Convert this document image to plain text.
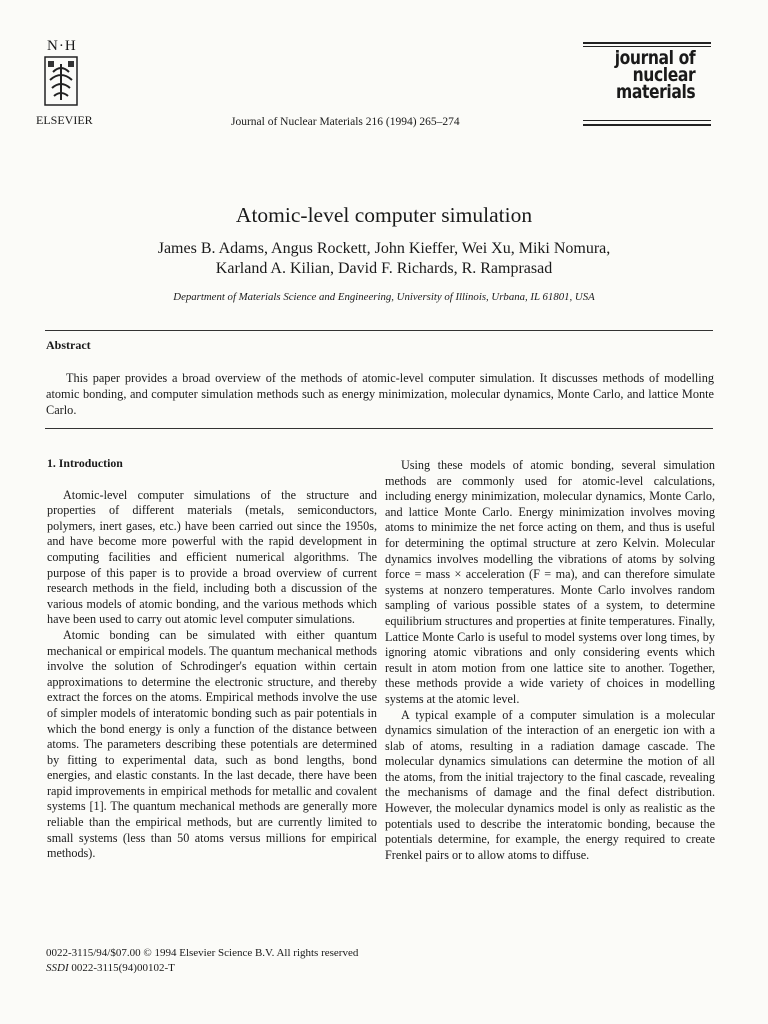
N·H
ELSEVIER	Journal of Nuclear Materials 216 (1994) 265–274
journal of
nuclear
materials
Atomic-level computer simulation
James B. Adams, Angus Rockett, John Kieffer, Wei Xu, Miki Nomura,
Karland A. Kilian, David F. Richards, R. Ramprasad
Department of Materials Science and Engineering, University of Illinois, Urbana, IL 61801, USA
Abstract

This paper provides a broad overview of the methods of atomic-level computer simulation. It discusses methods of modelling atomic bonding, and computer simulation methods such as energy minimization, molecular dynamics, Monte Carlo, and lattice Monte Carlo.

1. Introduction

Atomic-level computer simulations of the structure and properties of different materials (metals, semiconductors, polymers, inert gases, etc.) have been carried out since the 1950s, and have become more powerful with the rapid development in computing facilities and efficient numerical algorithms. The purpose of this paper is to provide a broad overview of current research methods in the field, including both a discussion of the various models of atomic bonding, and the various methods which have been used to carry out atomic level computer simulations.

Atomic bonding can be simulated with either quantum mechanical or empirical models. The quantum mechanical methods involve the solution of Schrodinger's equation within certain approximations to determine the electronic structure, and thereby extract the forces on the atoms. Empirical methods involve the use of simpler models of interatomic bonding such as pair potentials in which the bond energy is only a function of the distance between atoms. The parameters describing these potentials are determined by fitting to experimental data, such as bond lengths, bond energies, and elastic constants. In the last decade, there have been rapid improvements in empirical methods for metallic and covalent systems [1]. The quantum mechanical methods are generally more reliable than the empirical methods, but are currently limited to small systems (less than 50 atoms versus millions for empirical methods).

Using these models of atomic bonding, several simulation methods are commonly used for atomic-level calculations, including energy minimization, molecular dynamics, Monte Carlo, and lattice Monte Carlo. Energy minimization involves moving atoms to minimize the net force acting on them, and thus is useful for determining the optimal structure at zero Kelvin. Molecular dynamics involves modelling the vibrations of atoms by solving force = mass × acceleration (F = ma), and can therefore simulate systems at nonzero temperatures. Monte Carlo involves random sampling of various possible states of a system, to determine equilibrium structures and properties at finite temperatures. Finally, Lattice Monte Carlo is useful to model systems over long times, by ignoring atomic vibrations and only considering events which result in atom motion from one lattice site to another. Together, these methods provide a wide variety of choices in modelling systems at the atomic level.

A typical example of a computer simulation is a molecular dynamics simulation of the interaction of an energetic ion with a slab of atoms, resulting in a radiation damage cascade. The molecular dynamics simulations can determine the motion of all the atoms, from the initial trajectory to the final cascade, revealing the mechanisms of damage and the final defect distribution. However, the molecular dynamics model is only as realistic as the potentials used to describe the interatomic bonding, because the potentials determine, for example, the energy required to create Frenkel pairs or to allow atoms to diffuse.

0022-3115/94/$07.00 © 1994 Elsevier Science B.V. All rights reserved
SSDI 0022-3115(94)00102-T
